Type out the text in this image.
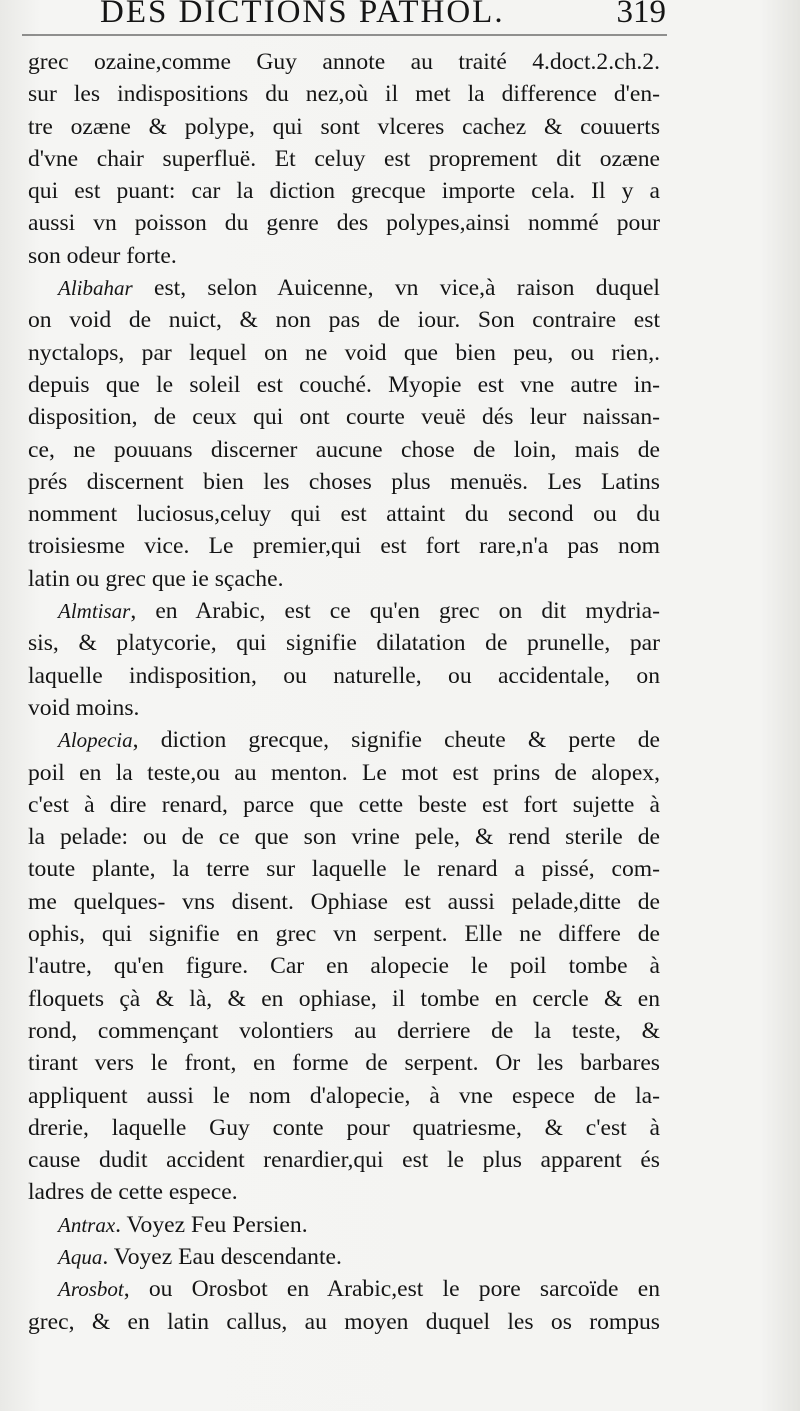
DES DICTIONS PATHOL.	319
grec ozaine,comme Guy annote au traité 4.doct.2.ch.2.
sur les indispositions du nez,où il met la difference d'en-
tre ozæne & polype, qui sont vlceres cachez & couuerts
d'vne chair superfluë. Et celuy est proprement dit ozæne
qui est puant: car la diction grecque importe cela. Il y a
aussi vn poisson du genre des polypes,ainsi nommé pour
son odeur forte.
Alibahar est, selon Auicenne, vn vice,à raison duquel
on void de nuict, & non pas de iour. Son contraire est
nyctalops, par lequel on ne void que bien peu, ou rien,.
depuis que le soleil est couché. Myopie est vne autre in-
disposition, de ceux qui ont courte veuë dés leur naissan-
ce, ne pouuans discerner aucune chose de loin, mais de
prés discernent bien les choses plus menuës. Les Latins
nomment luciosus,celuy qui est attaint du second ou du
troisiesme vice. Le premier,qui est fort rare,n'a pas nom
latin ou grec que ie sçache.
Almtisar, en Arabic, est ce qu'en grec on dit mydria-
sis, & platycorie, qui signifie dilatation de prunelle, par
laquelle indisposition, ou naturelle, ou accidentale, on
void moins.
Alopecia, diction grecque, signifie cheute & perte de
poil en la teste,ou au menton. Le mot est prins de alopex,
c'est à dire renard, parce que cette beste est fort sujette à
la pelade: ou de ce que son vrine pele, & rend sterile de
toute plante, la terre sur laquelle le renard a pissé, com-
me quelques- vns disent. Ophiase est aussi pelade,ditte de
ophis, qui signifie en grec vn serpent. Elle ne differe de
l'autre, qu'en figure. Car en alopecie le poil tombe à
floquets çà & là, & en ophiase, il tombe en cercle & en
rond, commençant volontiers au derriere de la teste, &
tirant vers le front, en forme de serpent. Or les barbares
appliquent aussi le nom d'alopecie, à vne espece de la-
drerie, laquelle Guy conte pour quatriesme, & c'est à
cause dudit accident renardier,qui est le plus apparent és
ladres de cette espece.
Antrax. Voyez Feu Persien.
Aqua. Voyez Eau descendante.
Arosbot, ou Orosbot en Arabic,est le pore sarcoïde en
grec, & en latin callus, au moyen duquel les os rompus
